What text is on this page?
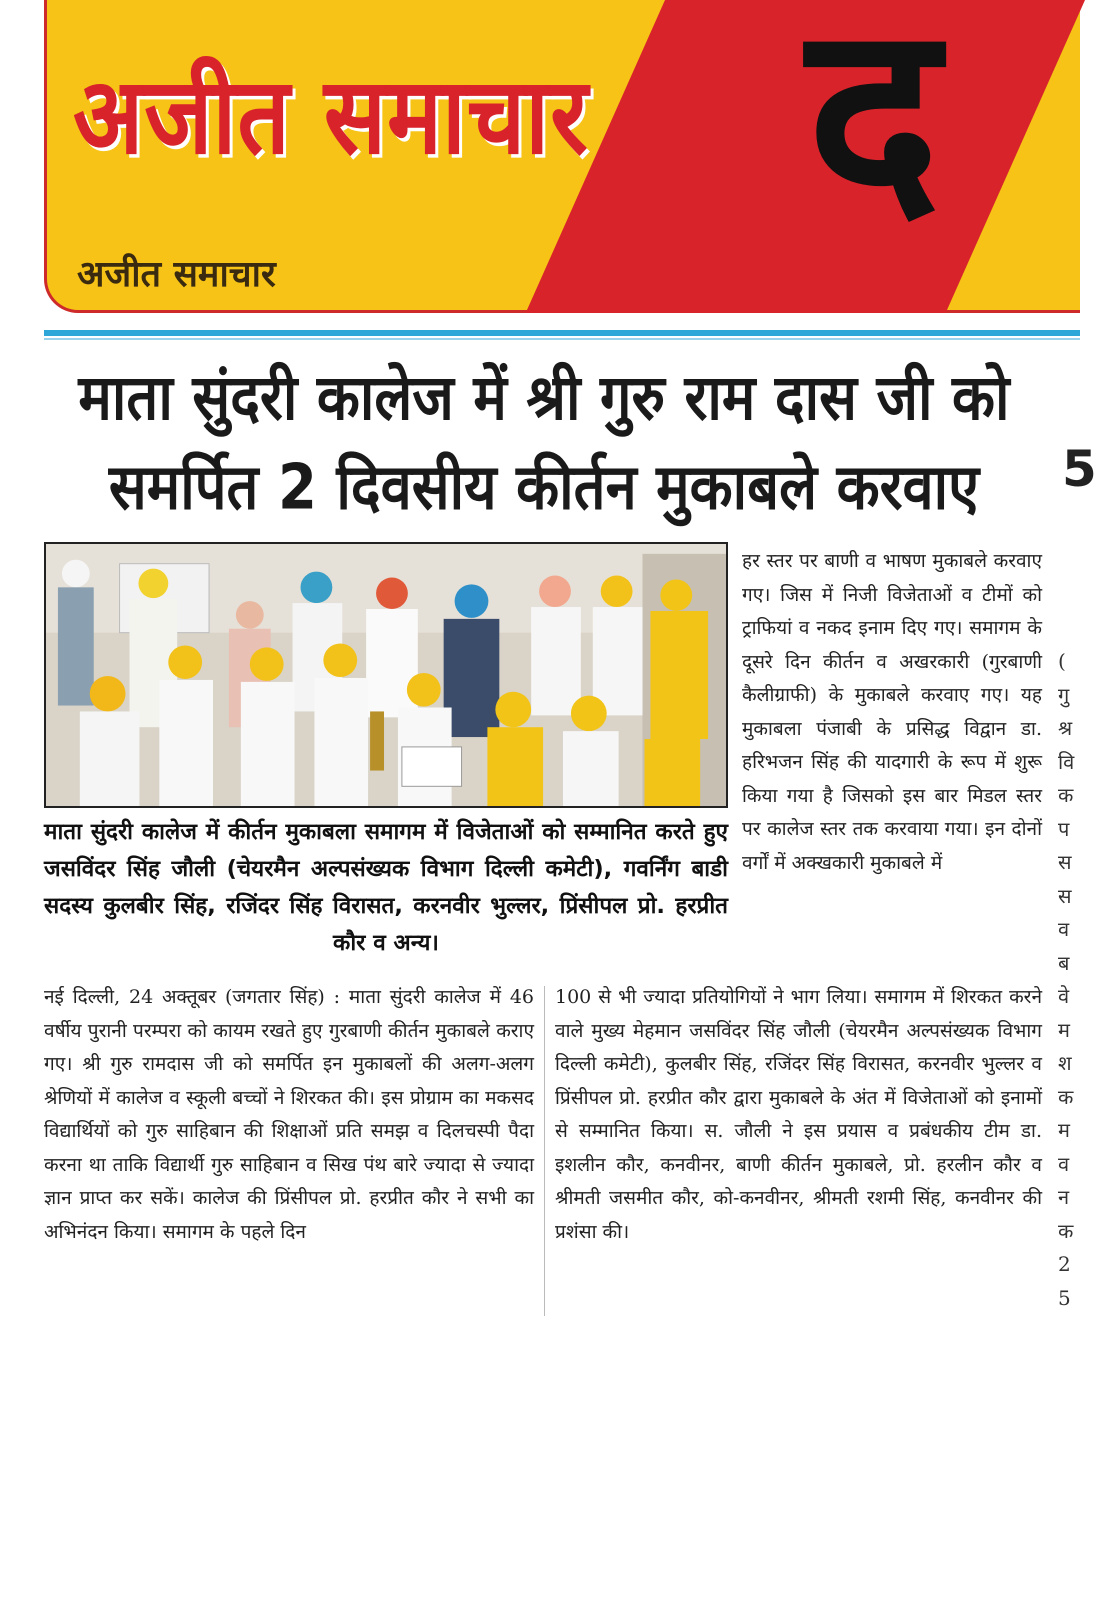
द
अजीत समाचार
अजीत समाचार
माता सुंदरी कालेज में श्री गुरु राम दास जी को
समर्पित 2 दिवसीय कीर्तन मुकाबले करवाए
माता सुंदरी कालेज में कीर्तन मुकाबला समागम में विजेताओं को सम्मानित करते हुए जसविंदर सिंह जौली (चेयरमैन अल्पसंख्यक विभाग दिल्ली कमेटी), गवर्निंग बाडी सदस्य कुलबीर सिंह, रजिंदर सिंह विरासत, करनवीर भुल्लर, प्रिंसीपल प्रो. हरप्रीत कौर व अन्य।
हर स्तर पर बाणी व भाषण मुकाबले करवाए गए। जिस में निजी विजेताओं व टीमों को ट्राफियां व नकद इनाम दिए गए। समागम के दूसरे दिन कीर्तन व अखरकारी (गुरबाणी कैलीग्राफी) के मुकाबले करवाए गए। यह मुकाबला पंजाबी के प्रसिद्ध विद्वान डा. हरिभजन सिंह की यादगारी के रूप में शुरू किया गया है जिसको इस बार मिडल स्तर पर कालेज स्तर तक करवाया गया। इन दोनों वर्गों में अक्खकारी मुकाबले में
नई दिल्ली, 24 अक्तूबर (जगतार सिंह) : माता सुंदरी कालेज में 46 वर्षीय पुरानी परम्परा को कायम रखते हुए गुरबाणी कीर्तन मुकाबले कराए गए। श्री गुरु रामदास जी को समर्पित इन मुकाबलों की अलग-अलग श्रेणियों में कालेज व स्कूली बच्चों ने शिरकत की। इस प्रोग्राम का मकसद विद्यार्थियों को गुरु साहिबान की शिक्षाओं प्रति समझ व दिलचस्पी पैदा करना था ताकि विद्यार्थी गुरु साहिबान व सिख पंथ बारे ज्यादा से ज्यादा ज्ञान प्राप्त कर सकें। कालेज की प्रिंसीपल प्रो. हरप्रीत कौर ने सभी का अभिनंदन किया। समागम के पहले दिन
100 से भी ज्यादा प्रतियोगियों ने भाग लिया। समागम में शिरकत करने वाले मुख्य मेहमान जसविंदर सिंह जौली (चेयरमैन अल्पसंख्यक विभाग दिल्ली कमेटी), कुलबीर सिंह, रजिंदर सिंह विरासत, करनवीर भुल्लर व प्रिंसीपल प्रो. हरप्रीत कौर द्वारा मुकाबले के अंत में विजेताओं को इनामों से सम्मानित किया। स. जौली ने इस प्रयास व प्रबंधकीय टीम डा. इशलीन कौर, कनवीनर, बाणी कीर्तन मुकाबले, प्रो. हरलीन कौर व श्रीमती जसमीत कौर, को-कनवीनर, श्रीमती रशमी सिंह, कनवीनर की प्रशंसा की।
5
(
गु
श्र
वि
क
प
स
स
व
ब
वे
म
श
क
म
व
न
क
2
5
